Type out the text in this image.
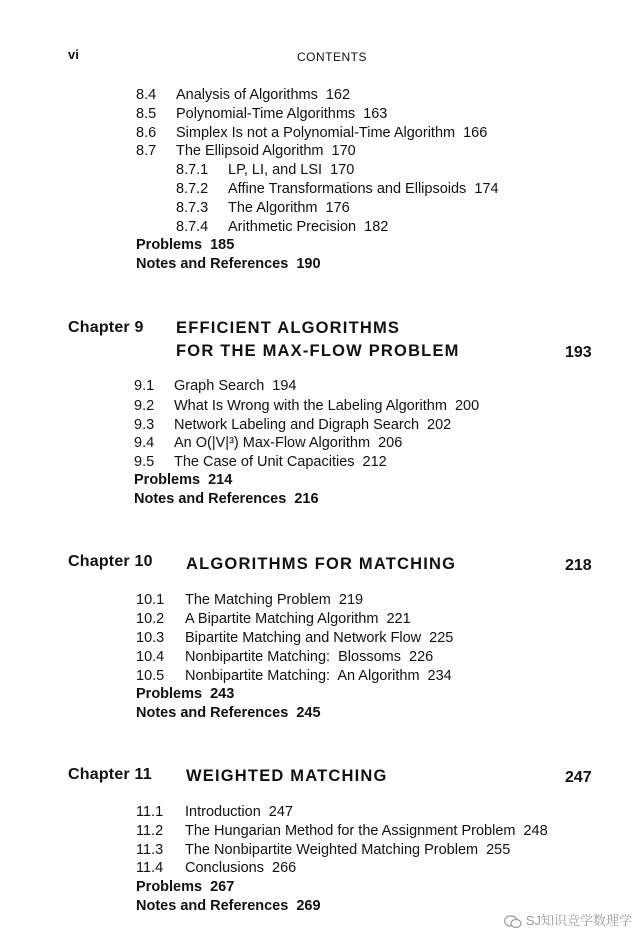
vi	CONTENTS
8.4 Analysis of Algorithms 162
8.5 Polynomial-Time Algorithms 163
8.6 Simplex Is not a Polynomial-Time Algorithm 166
8.7 The Ellipsoid Algorithm 170
8.7.1 LP, LI, and LSI 170
8.7.2 Affine Transformations and Ellipsoids 174
8.7.3 The Algorithm 176
8.7.4 Arithmetic Precision 182
Problems 185
Notes and References 190
Chapter 9 EFFICIENT ALGORITHMS
FOR THE MAX-FLOW PROBLEM	193
9.1 Graph Search 194
9.2 What Is Wrong with the Labeling Algorithm 200
9.3 Network Labeling and Digraph Search 202
9.4 An O(|V|³) Max-Flow Algorithm 206
9.5 The Case of Unit Capacities 212
Problems 214
Notes and References 216
Chapter 10 ALGORITHMS FOR MATCHING	218
10.1 The Matching Problem 219
10.2 A Bipartite Matching Algorithm 221
10.3 Bipartite Matching and Network Flow 225
10.4 Nonbipartite Matching:  Blossoms 226
10.5 Nonbipartite Matching:  An Algorithm 234
Problems 243
Notes and References 245
Chapter 11 WEIGHTED MATCHING	247
11.1 Introduction 247
11.2 The Hungarian Method for the Assignment Problem 248
11.3 The Nonbipartite Weighted Matching Problem 255
11.4 Conclusions 266
Problems 267
Notes and References 269
SJ知识竞学数理学
